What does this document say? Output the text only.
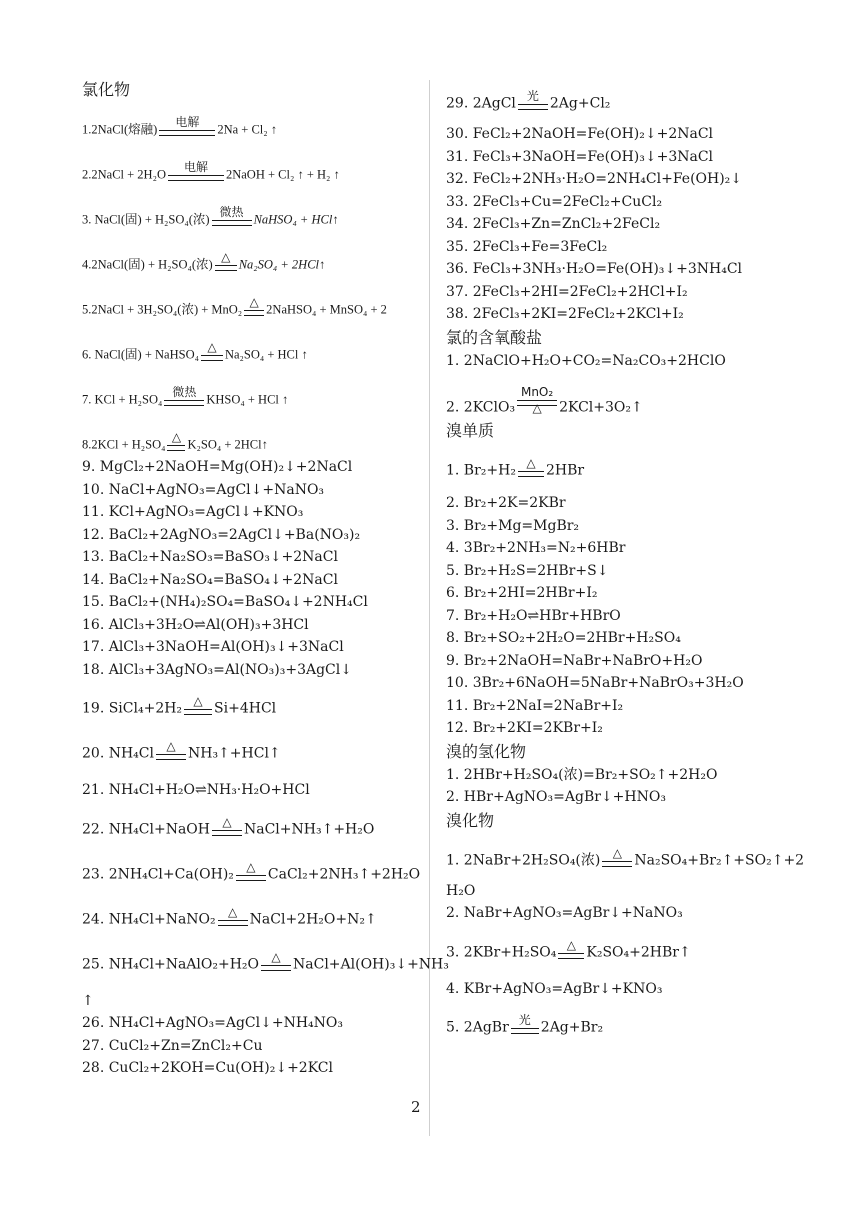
氯化物
1.2NaCl(熔融)
电解
2Na + Cl₂ ↑
2.2NaCl + 2H₂O
电解
2NaOH + Cl₂ ↑ + H₂ ↑
3. NaCl(固) + H₂SO₄(浓)
微热
NaHSO₄ + HCl↑
4.2NaCl(固) + H₂SO₄(浓)
△
Na₂SO₄ + 2HCl↑
5.2NaCl + 3H₂SO₄(浓) + MnO₂
△
2NaHSO₄ + MnSO₄ + 2
6. NaCl(固) + NaHSO₄
△
Na₂SO₄ + HCl ↑
7. KCl + H₂SO₄
微热
KHSO₄ + HCl ↑
8.2KCl + H₂SO₄
△
K₂SO₄ + 2HCl↑
9. MgCl₂+2NaOH=Mg(OH)₂↓+2NaCl
10. NaCl+AgNO₃=AgCl↓+NaNO₃
11. KCl+AgNO₃=AgCl↓+KNO₃
12. BaCl₂+2AgNO₃=2AgCl↓+Ba(NO₃)₂
13. BaCl₂+Na₂SO₃=BaSO₃↓+2NaCl
14. BaCl₂+Na₂SO₄=BaSO₄↓+2NaCl
15. BaCl₂+(NH₄)₂SO₄=BaSO₄↓+2NH₄Cl
16. AlCl₃+3H₂O⇌Al(OH)₃+3HCl
17. AlCl₃+3NaOH=Al(OH)₃↓+3NaCl
18. AlCl₃+3AgNO₃=Al(NO₃)₃+3AgCl↓
19. SiCl₄+2H₂ △ Si+4HCl
20. NH₄Cl	△ NH₃↑+HCl↑
21. NH₄Cl+H₂O⇌NH₃·H₂O+HCl
22. NH₄Cl+NaOH	△ NaCl+NH₃↑+H₂O
23. 2NH₄Cl+Ca(OH)₂	△ CaCl₂+2NH₃↑+2H₂O
24. NH₄Cl+NaNO₂	△ NaCl+2H₂O+N₂↑
25. NH₄Cl+NaAlO₂+H₂O	△ NaCl+Al(OH)₃↓+NH₃
↑
26. NH₄Cl+AgNO₃=AgCl↓+NH₄NO₃
27. CuCl₂+Zn=ZnCl₂+Cu
28. CuCl₂+2KOH=Cu(OH)₂↓+2KCl
29. 2AgCl 光 2Ag+Cl₂
30. FeCl₂+2NaOH=Fe(OH)₂↓+2NaCl
31. FeCl₃+3NaOH=Fe(OH)₃↓+3NaCl
32. FeCl₂+2NH₃·H₂O=2NH₄Cl+Fe(OH)₂↓
33. 2FeCl₃+Cu=2FeCl₂+CuCl₂
34. 2FeCl₃+Zn=ZnCl₂+2FeCl₂
35. 2FeCl₃+Fe=3FeCl₂
36. FeCl₃+3NH₃·H₂O=Fe(OH)₃↓+3NH₄Cl
37. 2FeCl₃+2HI=2FeCl₂+2HCl+I₂
38. 2FeCl₃+2KI=2FeCl₂+2KCl+I₂
氯的含氧酸盐
1. 2NaClO+H₂O+CO₂=Na₂CO₃+2HClO
2. 2KClO₃
MnO₂
△	2KCl+3O₂↑
溴单质
1. Br₂+H₂ △ 2HBr
2. Br₂+2K=2KBr
3. Br₂+Mg=MgBr₂
4. 3Br₂+2NH₃=N₂+6HBr
5. Br₂+H₂S=2HBr+S↓
6. Br₂+2HI=2HBr+I₂
7. Br₂+H₂O⇌HBr+HBrO
8. Br₂+SO₂+2H₂O=2HBr+H₂SO₄
9. Br₂+2NaOH=NaBr+NaBrO+H₂O
10. 3Br₂+6NaOH=5NaBr+NaBrO₃+3H₂O
11. Br₂+2NaI=2NaBr+I₂
12. Br₂+2KI=2KBr+I₂
溴的氢化物
1. 2HBr+H₂SO₄(浓)=Br₂+SO₂↑+2H₂O
2. HBr+AgNO₃=AgBr↓+HNO₃
溴化物
1. 2NaBr+2H₂SO₄(浓)	△ Na₂SO₄+Br₂↑+SO₂↑+2
H₂O
2. NaBr+AgNO₃=AgBr↓+NaNO₃
3. 2KBr+H₂SO₄ △ K₂SO₄+2HBr↑
4. KBr+AgNO₃=AgBr↓+KNO₃
5. 2AgBr 光 2Ag+Br₂
2
